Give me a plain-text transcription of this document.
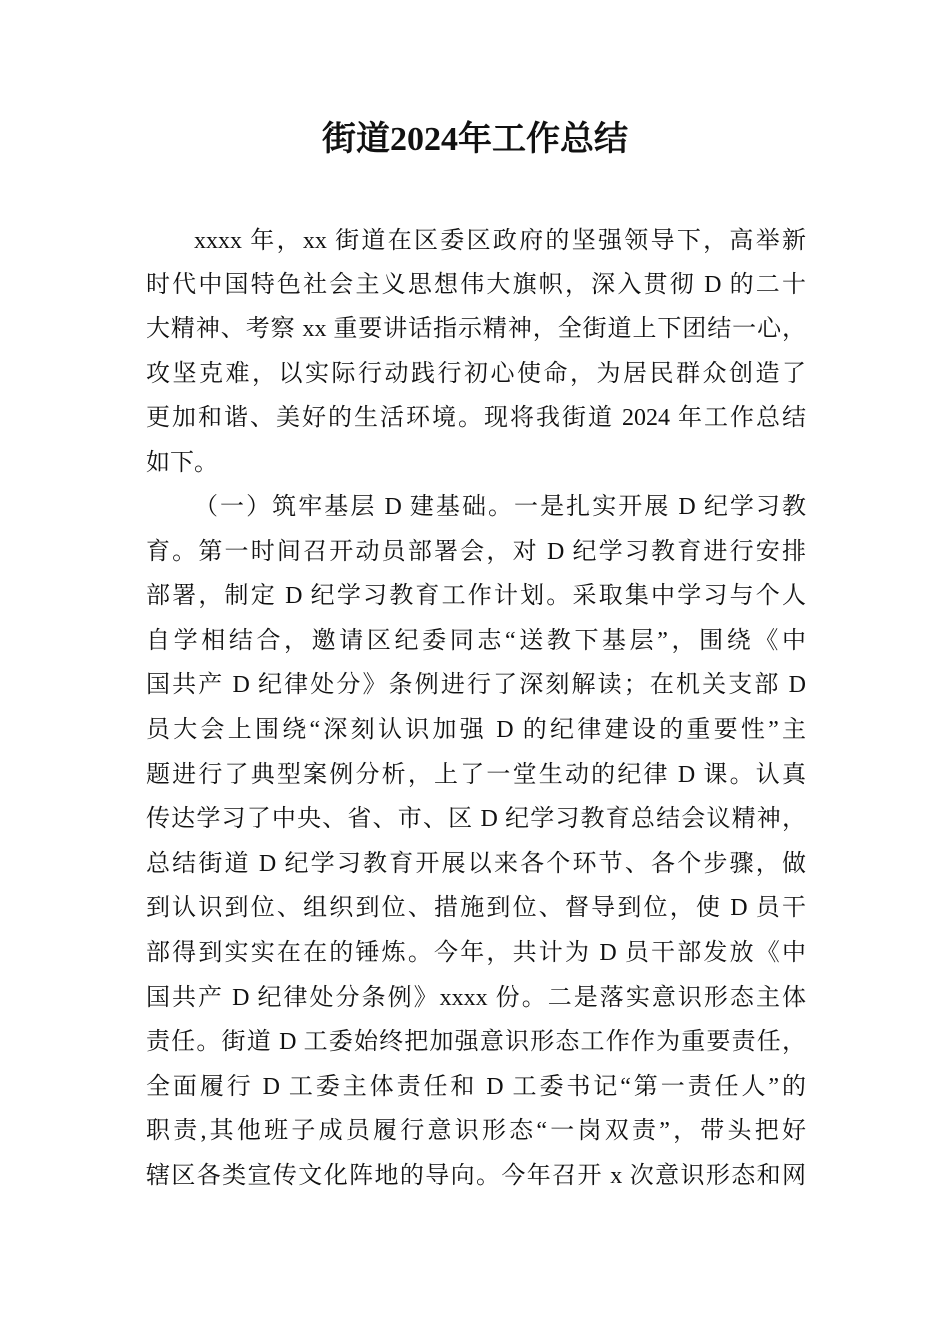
街道2024年工作总结
xxxx 年，xx 街道在区委区政府的坚强领导下，高举新
时代中国特色社会主义思想伟大旗帜，深入贯彻 D 的二十
大精神、考察 xx 重要讲话指示精神，全街道上下团结一心，
攻坚克难，以实际行动践行初心使命，为居民群众创造了
更加和谐、美好的生活环境。现将我街道 2024 年工作总结
如下。
（一）筑牢基层 D 建基础。一是扎实开展 D 纪学习教
育。第一时间召开动员部署会，对 D 纪学习教育进行安排
部署，制定 D 纪学习教育工作计划。采取集中学习与个人
自学相结合，邀请区纪委同志“送教下基层”，围绕《中
国共产 D 纪律处分》条例进行了深刻解读；在机关支部 D
员大会上围绕“深刻认识加强 D 的纪律建设的重要性”主
题进行了典型案例分析，上了一堂生动的纪律 D 课。认真
传达学习了中央、省、市、区 D 纪学习教育总结会议精神，
总结街道 D 纪学习教育开展以来各个环节、各个步骤，做
到认识到位、组织到位、措施到位、督导到位，使 D 员干
部得到实实在在的锤炼。今年，共计为 D 员干部发放《中
国共产 D 纪律处分条例》xxxx 份。二是落实意识形态主体
责任。街道 D 工委始终把加强意识形态工作作为重要责任，
全面履行 D 工委主体责任和 D 工委书记“第一责任人”的
职责,其他班子成员履行意识形态“一岗双责”，带头把好
辖区各类宣传文化阵地的导向。今年召开 x 次意识形态和网
